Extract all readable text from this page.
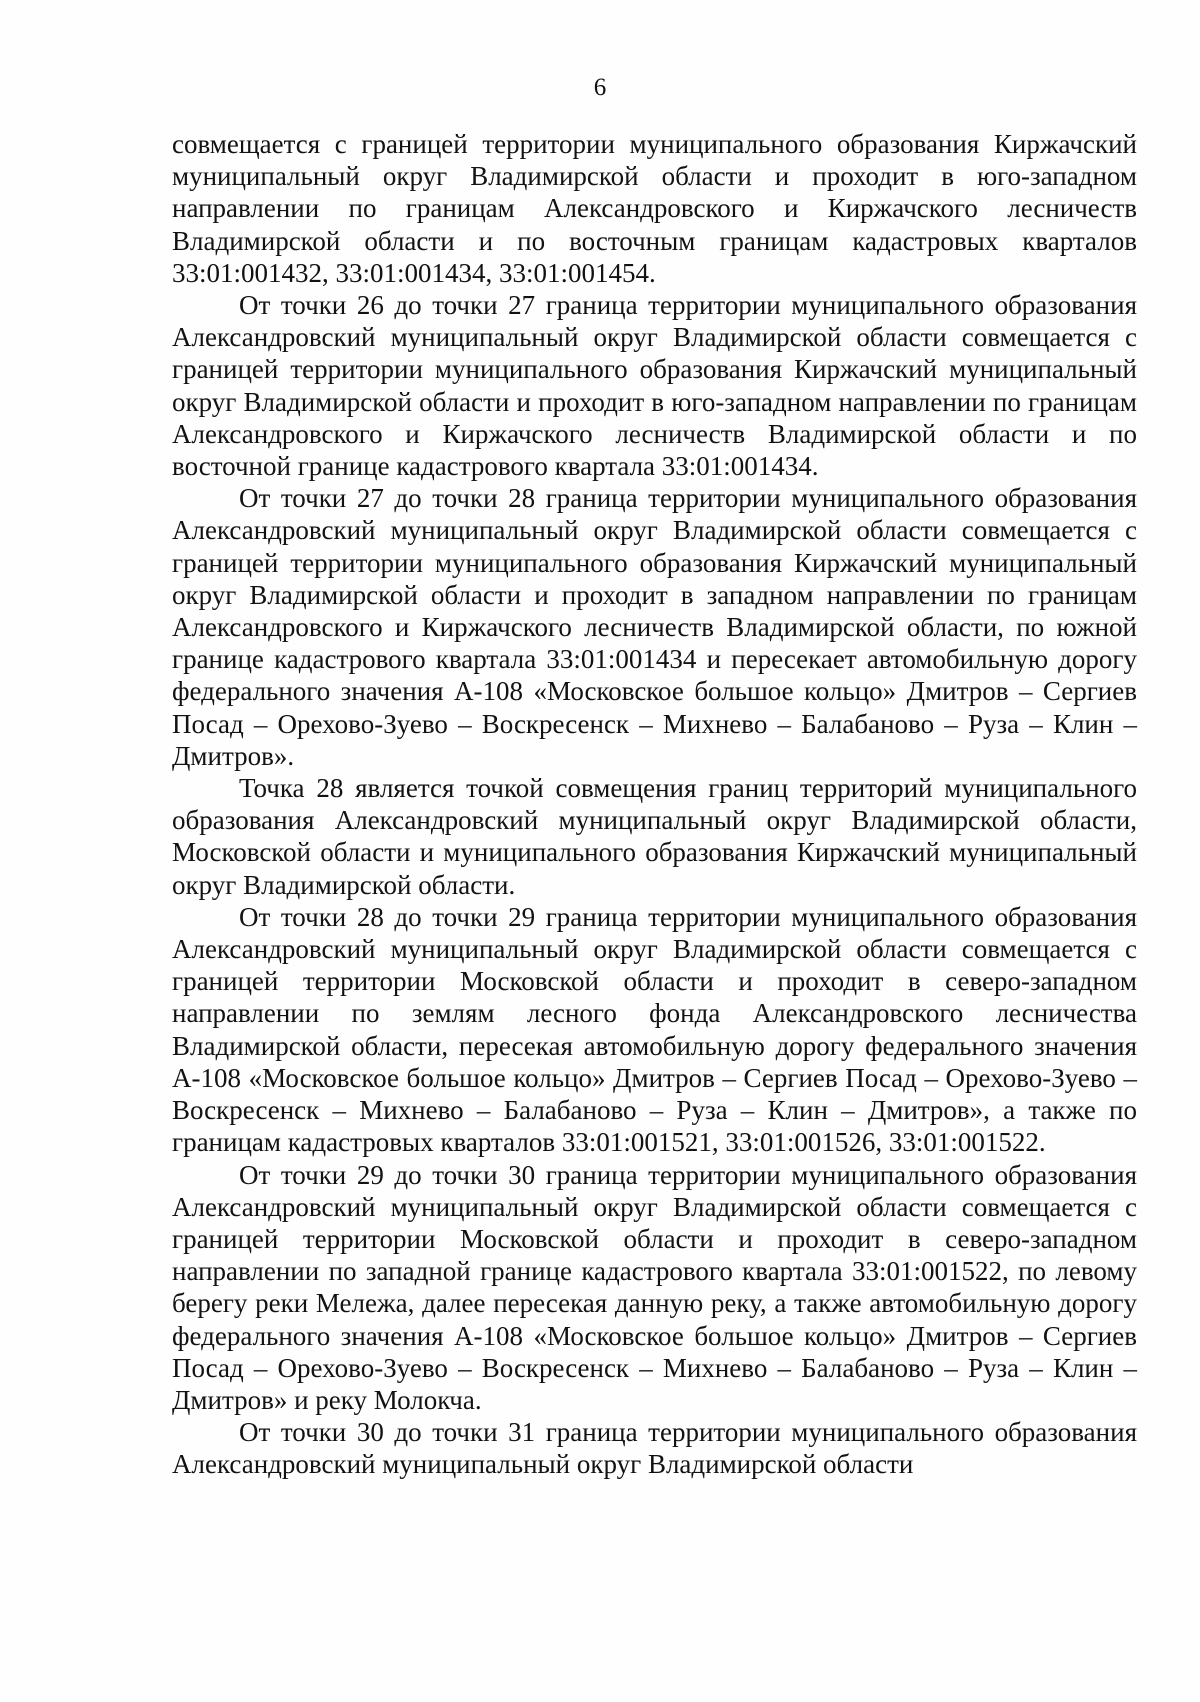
6

совмещается с границей территории муниципального образования Киржачский муниципальный округ Владимирской области и проходит в юго-западном направлении по границам Александровского и Киржачского лесничеств Владимирской области и по восточным границам кадастровых кварталов 33:01:001432, 33:01:001434, 33:01:001454.

От точки 26 до точки 27 граница территории муниципального образования Александровский муниципальный округ Владимирской области совмещается с границей территории муниципального образования Киржачский муниципальный округ Владимирской области и проходит в юго-западном направлении по границам Александровского и Киржачского лесничеств Владимирской области и по восточной границе кадастрового квартала 33:01:001434.

От точки 27 до точки 28 граница территории муниципального образования Александровский муниципальный округ Владимирской области совмещается с границей территории муниципального образования Киржачский муниципальный округ Владимирской области и проходит в западном направлении по границам Александровского и Киржачского лесничеств Владимирской области, по южной границе кадастрового квартала 33:01:001434 и пересекает автомобильную дорогу федерального значения А-108 «Московское большое кольцо» Дмитров – Сергиев Посад – Орехово-Зуево – Воскресенск – Михнево – Балабаново – Руза – Клин – Дмитров».

Точка 28 является точкой совмещения границ территорий муниципального образования Александровский муниципальный округ Владимирской области, Московской области и муниципального образования Киржачский муниципальный округ Владимирской области.

От точки 28 до точки 29 граница территории муниципального образования Александровский муниципальный округ Владимирской области совмещается с границей территории Московской области и проходит в северо-западном направлении по землям лесного фонда Александровского лесничества Владимирской области, пересекая автомобильную дорогу федерального значения А-108 «Московское большое кольцо» Дмитров – Сергиев Посад – Орехово-Зуево – Воскресенск – Михнево – Балабаново – Руза – Клин – Дмитров», а также по границам кадастровых кварталов 33:01:001521, 33:01:001526, 33:01:001522.

От точки 29 до точки 30 граница территории муниципального образования Александровский муниципальный округ Владимирской области совмещается с границей территории Московской области и проходит в северо-западном направлении по западной границе кадастрового квартала 33:01:001522, по левому берегу реки Мележа, далее пересекая данную реку, а также автомобильную дорогу федерального значения А-108 «Московское большое кольцо» Дмитров – Сергиев Посад – Орехово-Зуево – Воскресенск – Михнево – Балабаново – Руза – Клин – Дмитров» и реку Молокча.

От точки 30 до точки 31 граница территории муниципального образования Александровский муниципальный округ Владимирской области
